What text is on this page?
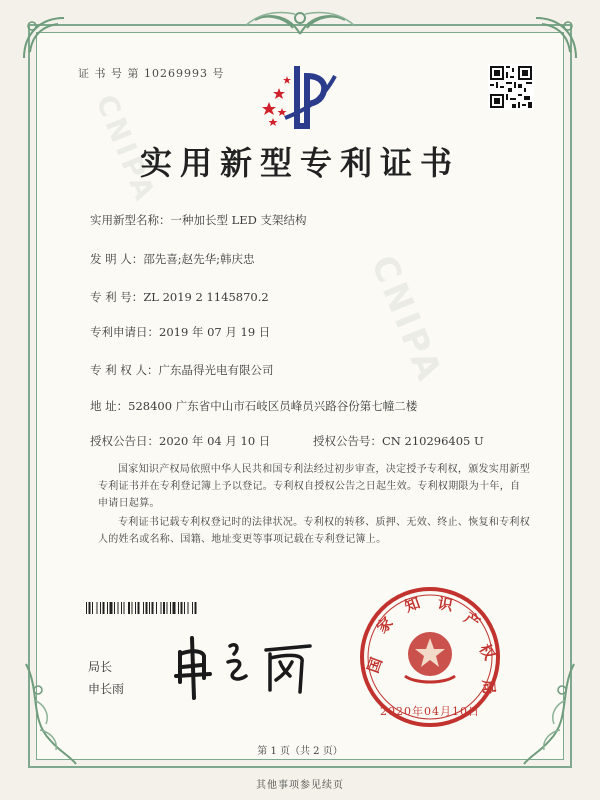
CNIPA
CNIPA
证 书 号 第 10269993 号
实用新型专利证书
实用新型名称：一种加长型 LED 支架结构
发 明 人：邵先喜;赵先华;韩庆忠
专 利 号：ZL 2019 2 1145870.2
专利申请日：2019 年 07 月 19 日
专 利 权 人：广东晶得光电有限公司
地 址：528400 广东省中山市石岐区员峰员兴路谷份第七幢二楼
授权公告日：2020 年 04 月 10 日	授权公告号：CN 210296405 U
国家知识产权局依照中华人民共和国专利法经过初步审查，决定授予专利权，颁发实用新型专利证书并在专利登记簿上予以登记。专利权自授权公告之日起生效。专利权期限为十年，自申请日起算。
专利证书记载专利权登记时的法律状况。专利权的转移、质押、无效、终止、恢复和专利权人的姓名或名称、国籍、地址变更等事项记载在专利登记簿上。
局长
申长雨
国
家
知 识
产
权
局
2020年04月10日
第 1 页（共 2 页）
其他事项参见续页
